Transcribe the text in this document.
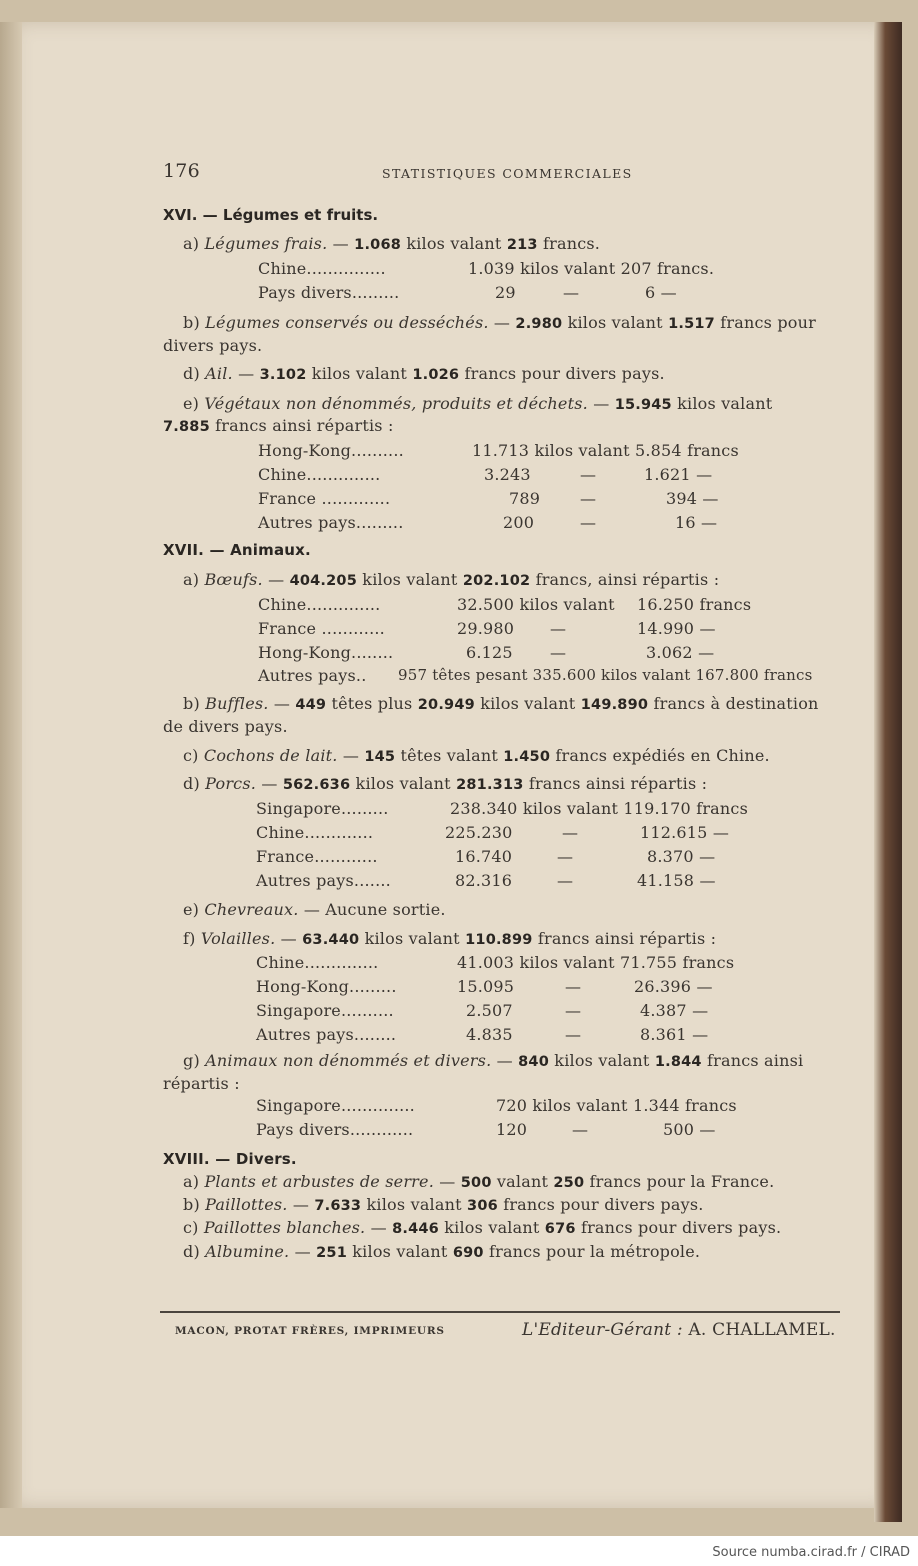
176	STATISTIQUES COMMERCIALES
XVI. — Légumes et fruits.
a) Légumes frais. — 1.068 kilos valant 213 francs.
Chine...............	1.039 kilos valant 207 francs.
Pays divers.........	29	—	6 —
b) Légumes conservés ou desséchés. — 2.980 kilos valant 1.517 francs pour
divers pays.
d) Ail. — 3.102 kilos valant 1.026 francs pour divers pays.
e) Végétaux non dénommés, produits et déchets. — 15.945 kilos valant
7.885 francs ainsi répartis :
Hong-Kong..........	11.713 kilos valant 5.854 francs
Chine..............	3.243	—	1.621 —
France .............	789 —	394 —
Autres pays.........	200	—	16 —
XVII. — Animaux.
a) Bœufs. — 404.205 kilos valant 202.102 francs, ainsi répartis :
Chine..............	32.500 kilos valant 16.250 francs
France ............	29.980 —	14.990 —
Hong-Kong........	6.125 —	3.062 —
Autres pays.. 957 têtes pesant 335.600 kilos valant 167.800 francs
b) Buffles. — 449 têtes plus 20.949 kilos valant 149.890 francs à destination
de divers pays.
c) Cochons de lait. — 145 têtes valant 1.450 francs expédiés en Chine.
d) Porcs. — 562.636 kilos valant 281.313 francs ainsi répartis :
Singapore.........	238.340 kilos valant 119.170 francs
Chine.............	225.230	—	112.615 —
France............	16.740	—	8.370 —
Autres pays.......	82.316	—	41.158 —
e) Chevreaux. — Aucune sortie.
f) Volailles. — 63.440 kilos valant 110.899 francs ainsi répartis :
Chine..............	41.003 kilos valant 71.755 francs
Hong-Kong.........	15.095	—	26.396 —
Singapore..........	2.507	—	4.387 —
Autres pays........	4.835	—	8.361 —
g) Animaux non dénommés et divers. — 840 kilos valant 1.844 francs ainsi
répartis :
Singapore..............	720 kilos valant 1.344 francs
Pays divers............	120	—	500 —
XVIII. — Divers.
a) Plants et arbustes de serre. — 500 valant 250 francs pour la France.
b) Paillottes. — 7.633 kilos valant 306 francs pour divers pays.
c) Paillottes blanches. — 8.446 kilos valant 676 francs pour divers pays.
d) Albumine. — 251 kilos valant 690 francs pour la métropole.
MACON, PROTAT FRÈRES, IMPRIMEURS	L'Editeur-Gérant : A. CHALLAMEL.
Source numba.cirad.fr / CIRAD
